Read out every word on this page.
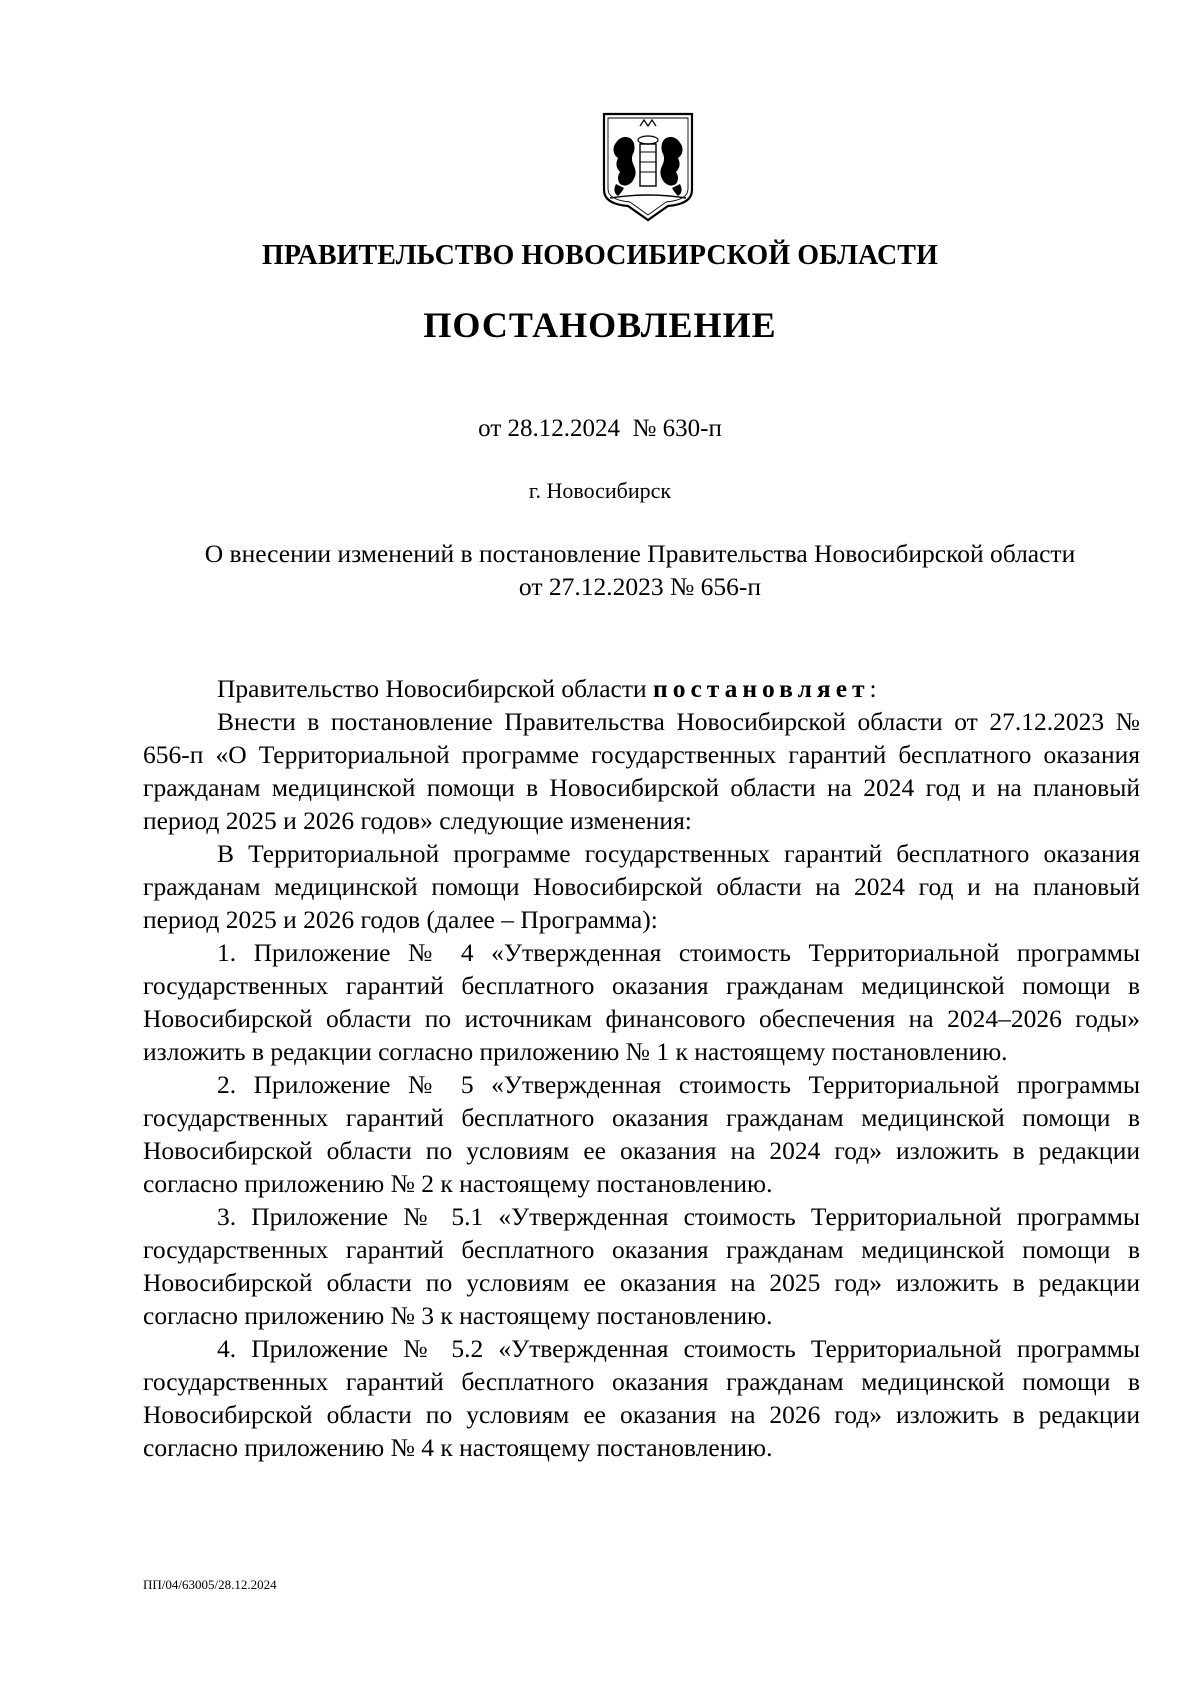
ПРАВИТЕЛЬСТВО НОВОСИБИРСКОЙ ОБЛАСТИ
ПОСТАНОВЛЕНИЕ
от 28.12.2024  № 630-п
г. Новосибирск
О внесении изменений в постановление Правительства Новосибирской области
от 27.12.2023 № 656-п

Правительство Новосибирской области постановляет:

Внести в постановление Правительства Новосибирской области от 27.12.2023 № 656-п «О Территориальной программе государственных гарантий бесплатного оказания гражданам медицинской помощи в Новосибирской области на 2024 год и на плановый период 2025 и 2026 годов» следующие изменения:

В Территориальной программе государственных гарантий бесплатного оказания гражданам медицинской помощи Новосибирской области на 2024 год и на плановый период 2025 и 2026 годов (далее – Программа):

1. Приложение № 4 «Утвержденная стоимость Территориальной программы государственных гарантий бесплатного оказания гражданам медицинской помощи в Новосибирской области по источникам финансового обеспечения на 2024–2026 годы» изложить в редакции согласно приложению № 1 к настоящему постановлению.

2. Приложение № 5 «Утвержденная стоимость Территориальной программы государственных гарантий бесплатного оказания гражданам медицинской помощи в Новосибирской области по условиям ее оказания на 2024 год» изложить в редакции согласно приложению № 2 к настоящему постановлению.

3. Приложение № 5.1 «Утвержденная стоимость Территориальной программы государственных гарантий бесплатного оказания гражданам медицинской помощи в Новосибирской области по условиям ее оказания на 2025 год» изложить в редакции согласно приложению № 3 к настоящему постановлению.

4. Приложение № 5.2 «Утвержденная стоимость Территориальной программы государственных гарантий бесплатного оказания гражданам медицинской помощи в Новосибирской области по условиям ее оказания на 2026 год» изложить в редакции согласно приложению № 4 к настоящему постановлению.

ПП/04/63005/28.12.2024
